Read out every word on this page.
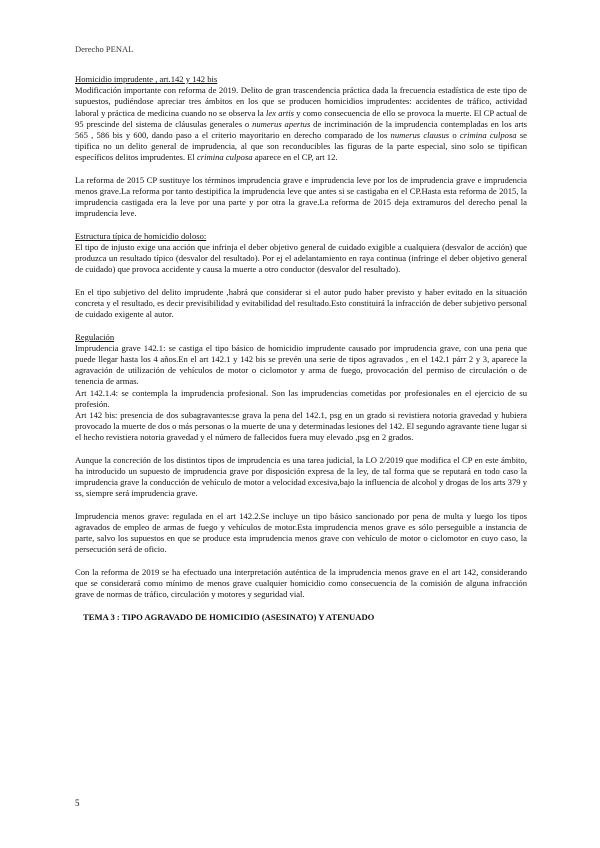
Derecho PENAL

Homicidio imprudente , art.142 y 142 bis

Modificación importante con reforma de 2019. Delito de gran trascendencia práctica dada la frecuencia estadística de este tipo de supuestos, pudiéndose apreciar tres ámbitos en los que se producen homicidios imprudentes: accidentes de tráfico, actividad laboral y práctica de medicina cuando no se observa la lex artis y como consecuencia de ello se provoca la muerte. El CP actual de 95 prescinde del sistema de cláusulas generales o numerus apertus de incriminación de la imprudencia contempladas en los arts 565 , 586 bis y 600, dando paso a el criterio mayoritario en derecho comparado de los numerus clausus o crimina culposa se tipifica no un delito general de imprudencia, al que son reconducibles las figuras de la parte especial, sino solo se tipifican específicos delitos imprudentes. El crimina culposa aparece en el CP, art 12.

La reforma de 2015 CP sustituye los términos imprudencia grave e imprudencia leve por los de imprudencia grave e imprudencia menos grave.La reforma por tanto destipifica la imprudencia leve que antes si se castigaba en el CP.Hasta esta reforma de 2015, la imprudencia castigada era la leve por una parte y por otra la grave.La reforma de 2015 deja extramuros del derecho penal la imprudencia leve.

Estructura típica de homicidio doloso:

El tipo de injusto exige una acción que infrinja el deber objetivo general de cuidado exigible a cualquiera (desvalor de acción) que produzca un resultado típico (desvalor del resultado). Por ej el adelantamiento en raya continua (infringe el deber objetivo general de cuidado) que provoca accidente y causa la muerte a otro conductor (desvalor del resultado).

En el tipo subjetivo del delito imprudente ,habrá que considerar si el autor pudo haber previsto y haber evitado en la situación concreta y el resultado, es decir previsibilidad y evitabilidad del resultado.Esto constituirá la infracción de deber subjetivo personal de cuidado exigente al autor.

Regulación

Imprudencia grave 142.1: se castiga el tipo básico de homicidio imprudente causado por imprudencia grave, con una pena que puede llegar hasta los 4 años.En el art 142.1 y 142 bis se prevén una serie de tipos agravados , en el 142.1 párr 2 y 3, aparece la agravación de utilización de vehículos de motor o ciclomotor y arma de fuego, provocación del permiso de circulación o de tenencia de armas.

Art 142.1.4: se contempla la imprudencia profesional. Son las imprudencias cometidas por profesionales en el ejercicio de su profesión.

Art 142 bis: presencia de dos subagravantes:se grava la pena del 142.1, psg en un grado si revistiera notoria gravedad y hubiera provocado la muerte de dos o más personas o la muerte de una y determinadas lesiones del 142. El segundo agravante tiene lugar si el hecho revistiera notoria gravedad y el número de fallecidos fuera muy elevado ,psg en 2 grados.

Aunque la concreción de los distintos tipos de imprudencia es una tarea judicial, la LO 2/2019 que modifica el CP en este ámbito, ha introducido un supuesto de imprudencia grave por disposición expresa de la ley, de tal forma que se reputará en todo caso la imprudencia grave la conducción de vehículo de motor a velocidad excesiva,bajo la influencia de alcohol y drogas de los arts 379 y ss, siempre será imprudencia grave.

Imprudencia menos grave: regulada en el art 142.2.Se incluye un tipo básico sancionado por pena de multa y luego los tipos agravados de empleo de armas de fuego y vehículos de motor.Esta imprudencia menos grave es sólo perseguible a instancia de parte, salvo los supuestos en que se produce esta imprudencia menos grave con vehículo de motor o ciclomotor en cuyo caso, la persecución será de oficio.

Con la reforma de 2019 se ha efectuado una interpretación auténtica de la imprudencia menos grave en el art 142, considerando que se considerará como mínimo de menos grave cualquier homicidio como consecuencia de la comisión de alguna infracción grave de normas de tráfico, circulación y motores y seguridad vial.

TEMA 3 : TIPO AGRAVADO DE HOMICIDIO (ASESINATO) Y ATENUADO

5
